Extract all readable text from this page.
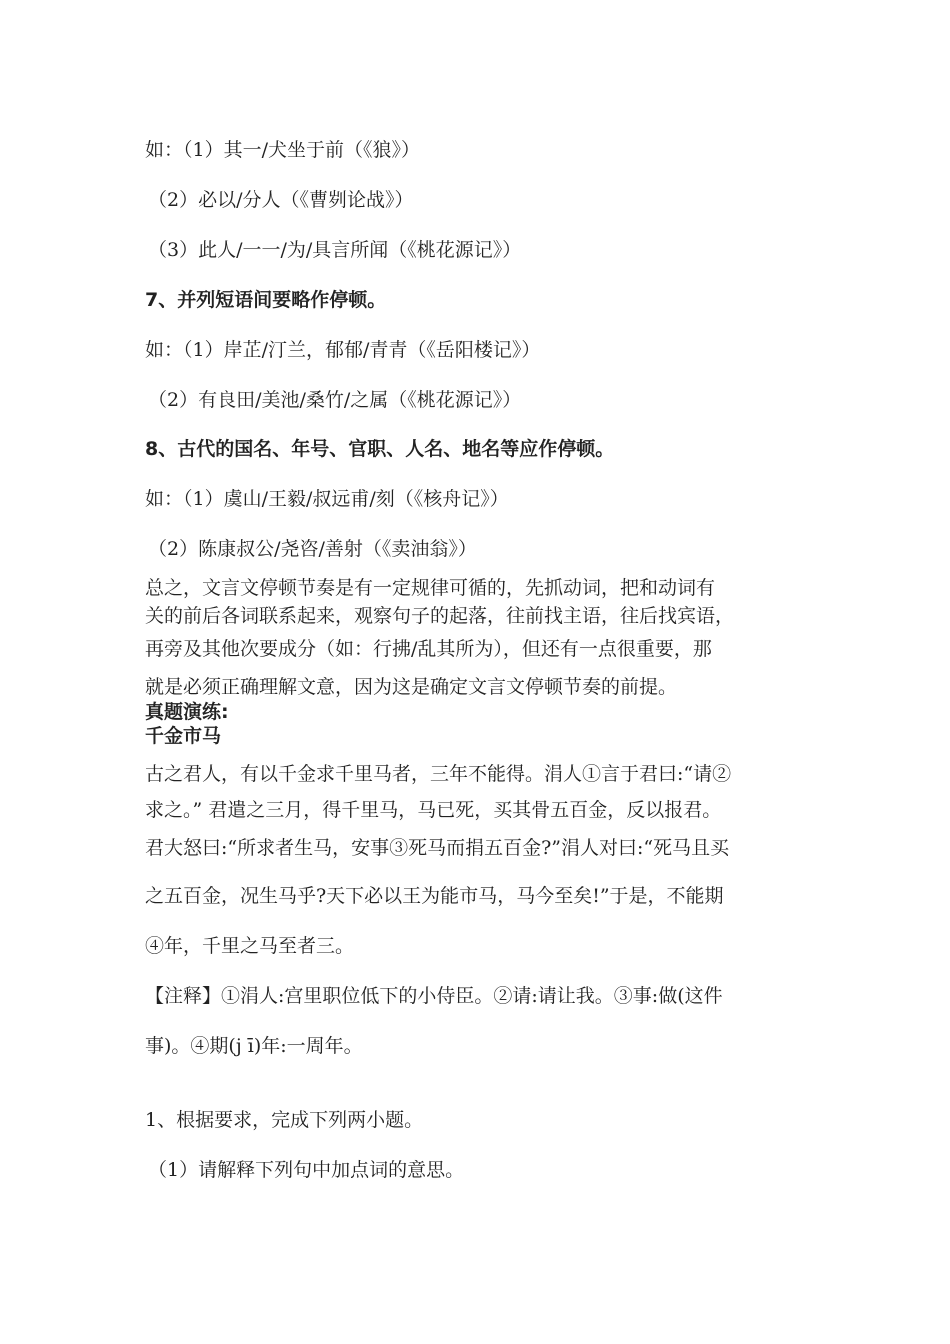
如：（1）其一/犬坐于前（《狼》）
（2）必以/分人（《曹刿论战》）
（3）此人/一一/为/具言所闻（《桃花源记》）
7、并列短语间要略作停顿。
如：（1）岸芷/汀兰，郁郁/青青（《岳阳楼记》）
（2）有良田/美池/桑竹/之属（《桃花源记》）
8、古代的国名、年号、官职、人名、地名等应作停顿。
如：（1）虞山/王毅/叔远甫/刻（《核舟记》）
（2）陈康叔公/尧咨/善射（《卖油翁》）
总之，文言文停顿节奏是有一定规律可循的，先抓动词，把和动词有
关的前后各词联系起来，观察句子的起落，往前找主语，往后找宾语，
再旁及其他次要成分（如：行拂/乱其所为），但还有一点很重要，那
就是必须正确理解文意，因为这是确定文言文停顿节奏的前提。
真题演练:
千金市马
古之君人，有以千金求千里马者，三年不能得。涓人①言于君曰:“请②
求之。” 君遣之三月，得千里马，马已死，买其骨五百金，反以报君。
君大怒曰:“所求者生马，安事③死马而捐五百金?”涓人对曰:“死马且买
之五百金，况生马乎?天下必以王为能市马，马今至矣!”于是，不能期
④年，千里之马至者三。
【注释】①涓人:宫里职位低下的小侍臣。②请:请让我。③事:做(这件
事)。④期(j ī)年:一周年。
1、根据要求，完成下列两小题。
（1）请解释下列句中加点词的意思。
